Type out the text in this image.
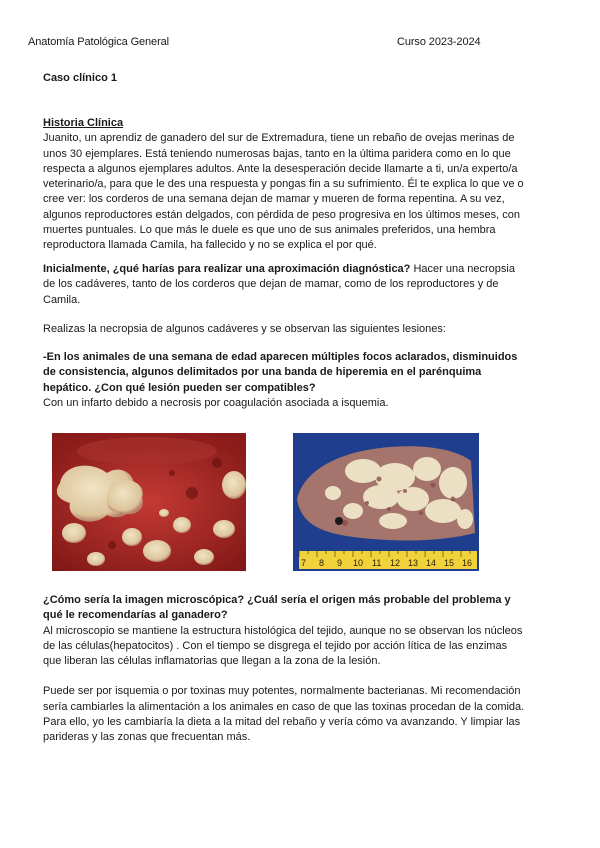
Anatomía Patológica General	Curso 2023-2024
Caso clínico 1

Historia Clínica

Juanito, un aprendiz de ganadero del sur de Extremadura, tiene un rebaño de ovejas merinas de unos 30 ejemplares. Está teniendo numerosas bajas, tanto en la última paridera como en lo que respecta a algunos ejemplares adultos. Ante la desesperación decide llamarte a ti, un/a experto/a veterinario/a, para que le des una respuesta y pongas fin a su sufrimiento. Él te explica lo que ve o cree ver: los corderos de una semana dejan de mamar y mueren de forma repentina. A su vez, algunos reproductores están delgados, con pérdida de peso progresiva en los últimos meses, con muertes puntuales. Lo que más le duele es que uno de sus animales preferidos, una hembra reproductora llamada Camila, ha fallecido y no se explica el por qué.

Inicialmente, ¿qué harías para realizar una aproximación diagnóstica? Hacer una necropsia de los cadáveres, tanto de los corderos que dejan de mamar, como de los reproductores y de Camila.

Realizas la necropsia de algunos cadáveres y se observan las siguientes lesiones:

-En los animales de una semana de edad aparecen múltiples focos aclarados, disminuidos de consistencia, algunos delimitados por una banda de hiperemia en el parénquima hepático. ¿Con qué lesión pueden ser compatibles?

Con un infarto debido a necrosis por coagulación asociada a isquemia.

7 8 9 10 11 12 13 14 15 16

¿Cómo sería la imagen microscópica? ¿Cuál sería el origen más probable del problema y qué le recomendarías al ganadero?

Al microscopio se mantiene la estructura histológica del tejido, aunque no se observan los núcleos de las células(hepatocitos) . Con el tiempo se disgrega el tejido por acción lítica de las enzimas que liberan las células inflamatorias que llegan a la zona de la lesión.

Puede ser por isquemia o por toxinas muy potentes, normalmente bacterianas. Mi recomendación sería cambiarles la alimentación a los animales en caso de que las toxinas procedan de la comida. Para ello, yo les cambiaría la dieta a la mitad del rebaño y vería cómo va avanzando. Y limpiar las parideras y las zonas que frecuentan más.
